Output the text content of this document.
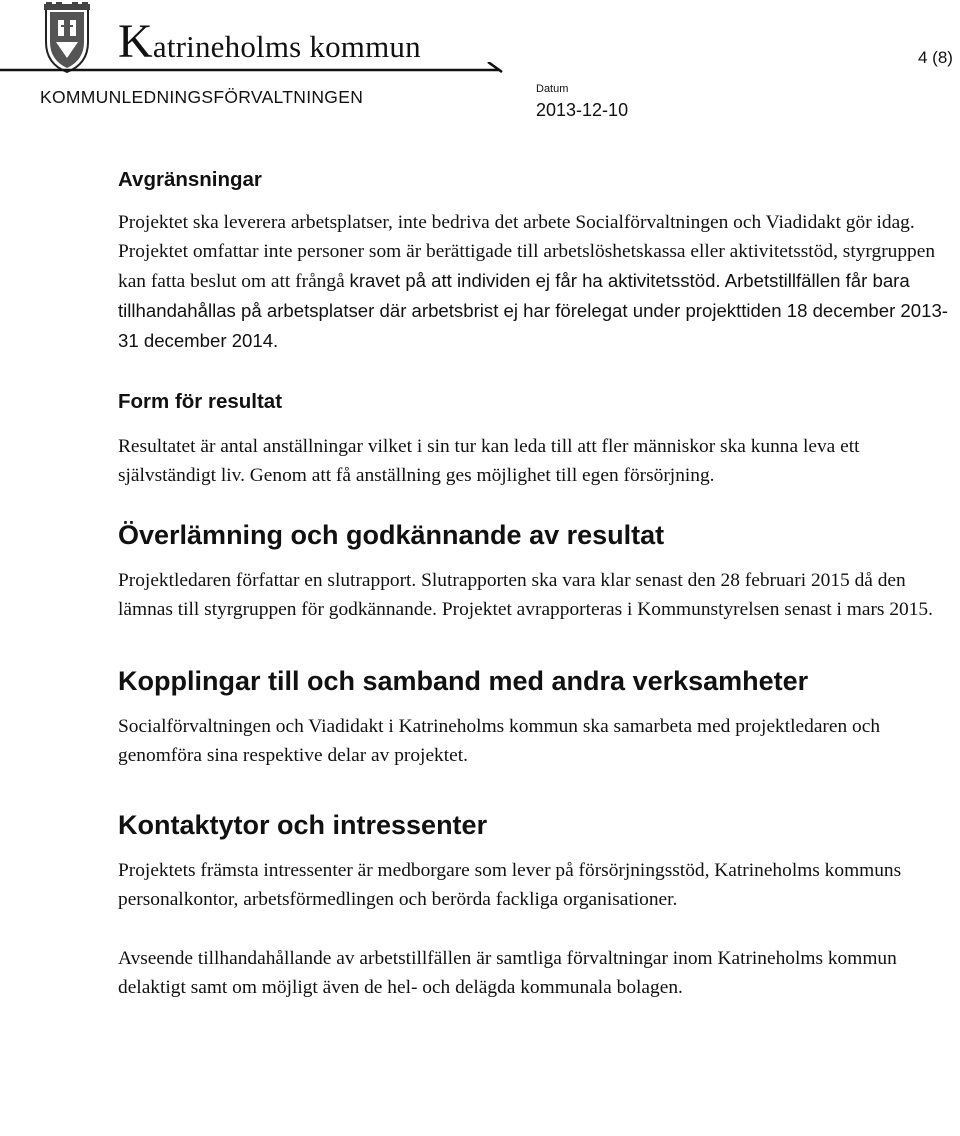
Katrineholms kommun	4 (8)
KOMMUNLEDNINGSFÖRVALTNINGEN	Datum
2013-12-10
Avgränsningar

Projektet ska leverera arbetsplatser, inte bedriva det arbete Socialförvaltningen och Viadidakt gör idag. Projektet omfattar inte personer som är berättigade till arbetslöshetskassa eller aktivitetsstöd, styrgruppen kan fatta beslut om att frångå kravet på att individen ej får ha aktivitetsstöd. Arbetstillfällen får bara tillhandahållas på arbetsplatser där arbetsbrist ej har förelegat under projekttiden 18 december 2013- 31 december 2014.

Form för resultat

Resultatet är antal anställningar vilket i sin tur kan leda till att fler människor ska kunna leva ett självständigt liv. Genom att få anställning ges möjlighet till egen försörjning.

Överlämning och godkännande av resultat

Projektledaren författar en slutrapport. Slutrapporten ska vara klar senast den 28 februari 2015 då den lämnas till styrgruppen för godkännande. Projektet avrapporteras i Kommunstyrelsen senast i mars 2015.

Kopplingar till och samband med andra verksamheter

Socialförvaltningen och Viadidakt i Katrineholms kommun ska samarbeta med projektledaren och genomföra sina respektive delar av projektet.

Kontaktytor och intressenter

Projektets främsta intressenter är medborgare som lever på försörjningsstöd, Katrineholms kommuns personalkontor, arbetsförmedlingen och berörda fackliga organisationer.

Avseende tillhandahållande av arbetstillfällen är samtliga förvaltningar inom Katrineholms kommun delaktigt samt om möjligt även de hel- och delägda kommunala bolagen.
